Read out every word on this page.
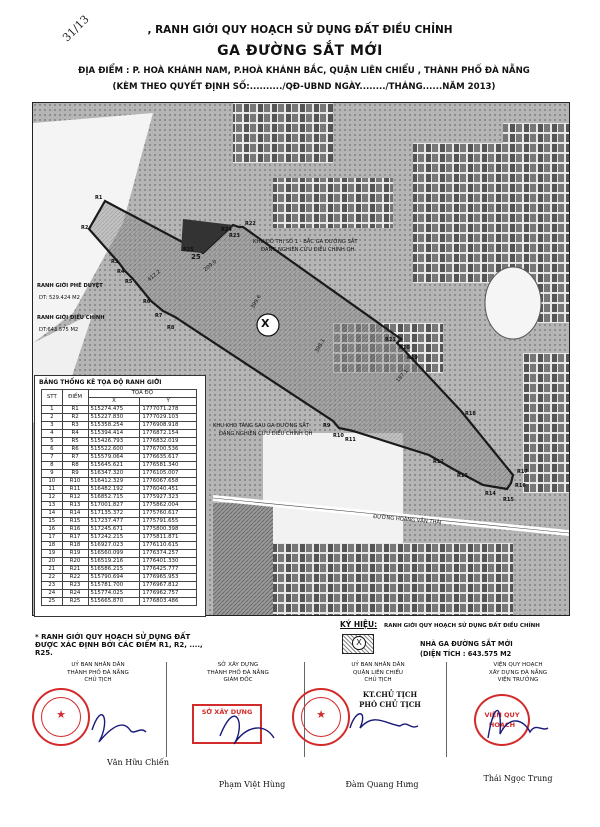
31/13	, RANH GIỚI QUY HOẠCH SỬ DỤNG ĐẤT ĐIỀU CHỈNH
GA ĐƯỜNG SẮT MỚI
ĐỊA ĐIỂM : P. HOÀ KHÁNH NAM, P.HOÀ KHÁNH BẮC, QUẬN LIÊN CHIỂU , THÀNH PHỐ ĐÀ NẴNG
(KÈM THEO QUYẾT ĐỊNH SỐ:........../QĐ-UBND NGÀY......../THÁNG......NĂM 2013)
X
25
R1
R2
R3
R4
R5
R6
R7
R8
R9
R10
R11
R12
R13
R14
R15
R16
R17
R18
R19
R20
R21
R22
R23
R24
R25
KHU ĐÔ THỊ SỐ 1 - BẮC GA ĐƯỜNG SẮT
ĐANG NGHIÊN CỨU ĐIỀU CHỈNH QH
KHU KHO TÀNG SAU GA ĐƯỜNG SẮT
ĐANG NGHIÊN CỨU ĐIỀU CHỈNH QH
ĐƯỜNG HOÀNG VĂN THÁI
RANH GIỚI PHÊ DUYỆT
DT: 529.424 M2
RANH GIỚI ĐIỀU CHỈNH
DT:643.575 M2
412.2
399.6
398.1
187.1
209.0
BẢNG THỐNG KÊ TỌA ĐỘ RANH GIỚI
STT	ĐIỂM	TỌA ĐỘ	
		X	Y
1	R1	515274.475	1777071.278
2	R2	515227.830	1777029.103
3	R3	515358.254	1776908.918
4	R4	515394.414	1776872.154
5	R5	515426.793	1776832.019
6	R6	515522.600	1776700.536
7	R7	515579.064	1776635.617
8	R8	515645.621	1776581.340
9	R9	516347.320	1776105.007
10	R10	516412.329	1776067.658
11	R11	516482.192	1776040.451
12	R12	516852.715	1775927.323
13	R13	517001.827	1775862.004
14	R14	517135.372	1775760.617
15	R15	517237.477	1775791.655
16	R16	517245.671	1775800.398
17	R17	517242.215	1775811.871
18	R18	516927.023	1776110.615
19	R19	516560.099	1776374.257
20	R20	516519.216	1776401.330
21	R21	516586.215	1776425.777
22	R22	515790.694	1776965.953
23	R23	515781.700	1776967.812
24	R24	515774.025	1776962.757
25	R25	515665.870	1776803.486
* RANH GIỚI QUY HOẠCH SỬ DỤNG ĐẤT ĐƯỢC XÁC ĐỊNH BỞI CÁC ĐIỂM R1, R2, ...., R25.
KÝ HIỆU:
X
RANH GIỚI QUY HOẠCH SỬ DỤNG ĐẤT ĐIỀU CHỈNH
NHÀ GA ĐƯỜNG SẮT MỚI
(DIỆN TÍCH : 643.575 M2
UỶ BAN NHÂN DÂN
THÀNH PHỐ ĐÀ NẴNG
CHỦ TỊCH
SỞ XÂY DỰNG
THÀNH PHỐ ĐÀ NẴNG
GIÁM ĐỐC
UỶ BAN NHÂN DÂN
QUẬN LIÊN CHIỂU
CHỦ TỊCH
VIỆN QUY HOẠCH
XÂY DỰNG ĐÀ NẴNG
VIỆN TRƯỞNG
★	★
SỞ XÂY DỰNG	VIỆN QUY HOẠCH
KT.CHỦ TỊCH
PHÓ CHỦ TỊCH
Văn Hữu Chiến
Phạm Việt Hùng	Đàm Quang Hưng
Thái Ngọc Trung
